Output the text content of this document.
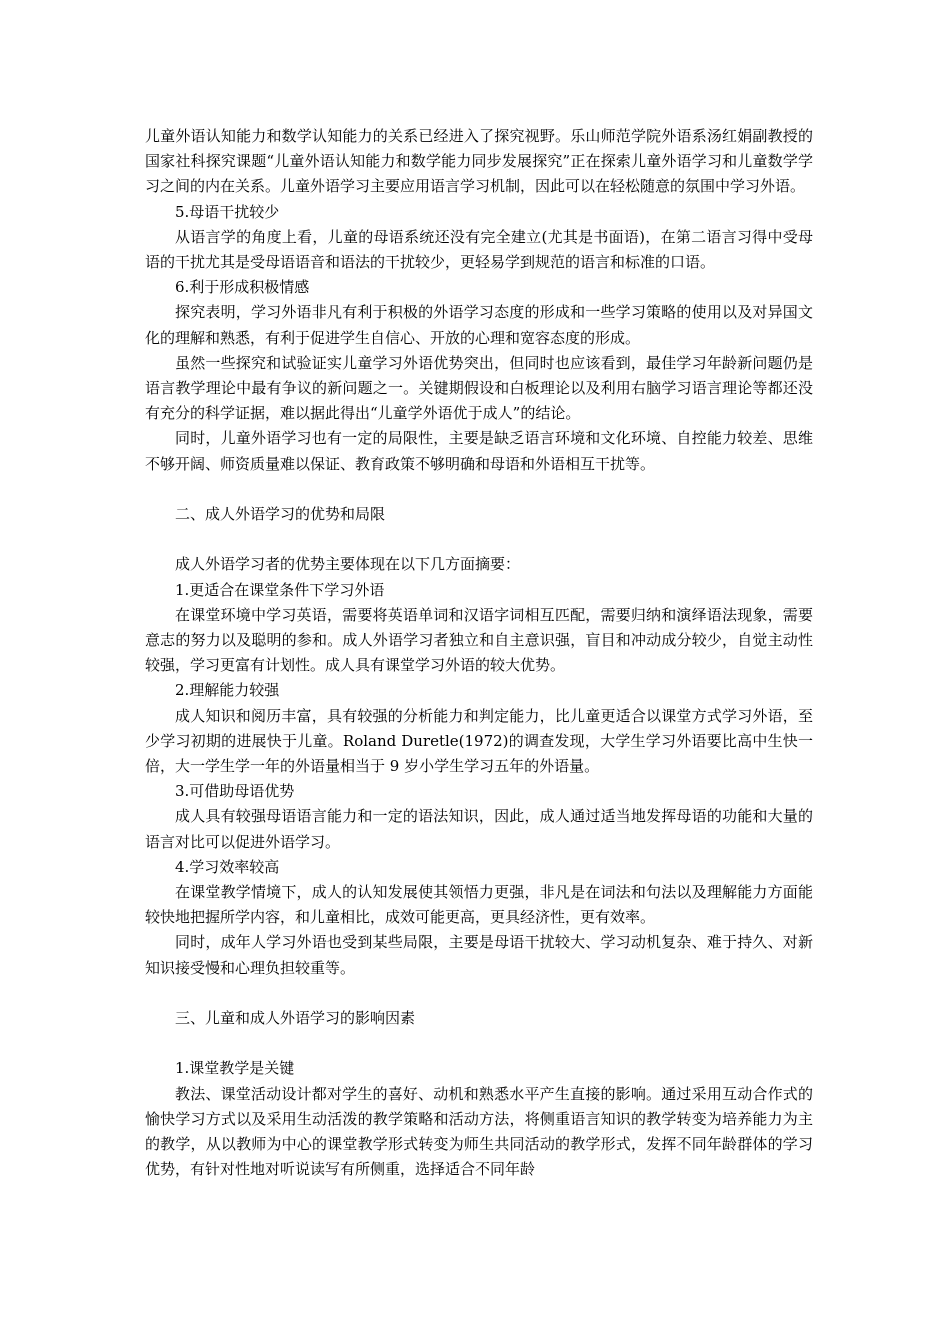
儿童外语认知能力和数学认知能力的关系已经进入了探究视野。乐山师范学院外语系汤红娟副教授的国家社科探究课题“儿童外语认知能力和数学能力同步发展探究”正在探索儿童外语学习和儿童数学学习之间的内在关系。儿童外语学习主要应用语言学习机制，因此可以在轻松随意的氛围中学习外语。

5.母语干扰较少

从语言学的角度上看，儿童的母语系统还没有完全建立(尤其是书面语)，在第二语言习得中受母语的干扰尤其是受母语语音和语法的干扰较少，更轻易学到规范的语言和标准的口语。

6.利于形成积极情感

探究表明，学习外语非凡有利于积极的外语学习态度的形成和一些学习策略的使用以及对异国文化的理解和熟悉，有利于促进学生自信心、开放的心理和宽容态度的形成。

虽然一些探究和试验证实儿童学习外语优势突出，但同时也应该看到，最佳学习年龄新问题仍是语言教学理论中最有争议的新问题之一。关键期假设和白板理论以及利用右脑学习语言理论等都还没有充分的科学证据，难以据此得出“儿童学外语优于成人”的结论。

同时，儿童外语学习也有一定的局限性，主要是缺乏语言环境和文化环境、自控能力较差、思维不够开阔、师资质量难以保证、教育政策不够明确和母语和外语相互干扰等。

二、成人外语学习的优势和局限

成人外语学习者的优势主要体现在以下几方面摘要：

1.更适合在课堂条件下学习外语

在课堂环境中学习英语，需要将英语单词和汉语字词相互匹配，需要归纳和演绎语法现象，需要意志的努力以及聪明的参和。成人外语学习者独立和自主意识强，盲目和冲动成分较少，自觉主动性较强，学习更富有计划性。成人具有课堂学习外语的较大优势。

2.理解能力较强

成人知识和阅历丰富，具有较强的分析能力和判定能力，比儿童更适合以课堂方式学习外语，至少学习初期的进展快于儿童。Roland Duretle(1972)的调查发现，大学生学习外语要比高中生快一倍，大一学生学一年的外语量相当于 9 岁小学生学习五年的外语量。

3.可借助母语优势

成人具有较强母语语言能力和一定的语法知识，因此，成人通过适当地发挥母语的功能和大量的语言对比可以促进外语学习。

4.学习效率较高

在课堂教学情境下，成人的认知发展使其领悟力更强，非凡是在词法和句法以及理解能力方面能较快地把握所学内容，和儿童相比，成效可能更高，更具经济性，更有效率。

同时，成年人学习外语也受到某些局限，主要是母语干扰较大、学习动机复杂、难于持久、对新知识接受慢和心理负担较重等。

三、儿童和成人外语学习的影响因素

1.课堂教学是关键

教法、课堂活动设计都对学生的喜好、动机和熟悉水平产生直接的影响。通过采用互动合作式的愉快学习方式以及采用生动活泼的教学策略和活动方法，将侧重语言知识的教学转变为培养能力为主的教学，从以教师为中心的课堂教学形式转变为师生共同活动的教学形式，发挥不同年龄群体的学习优势，有针对性地对听说读写有所侧重，选择适合不同年龄
